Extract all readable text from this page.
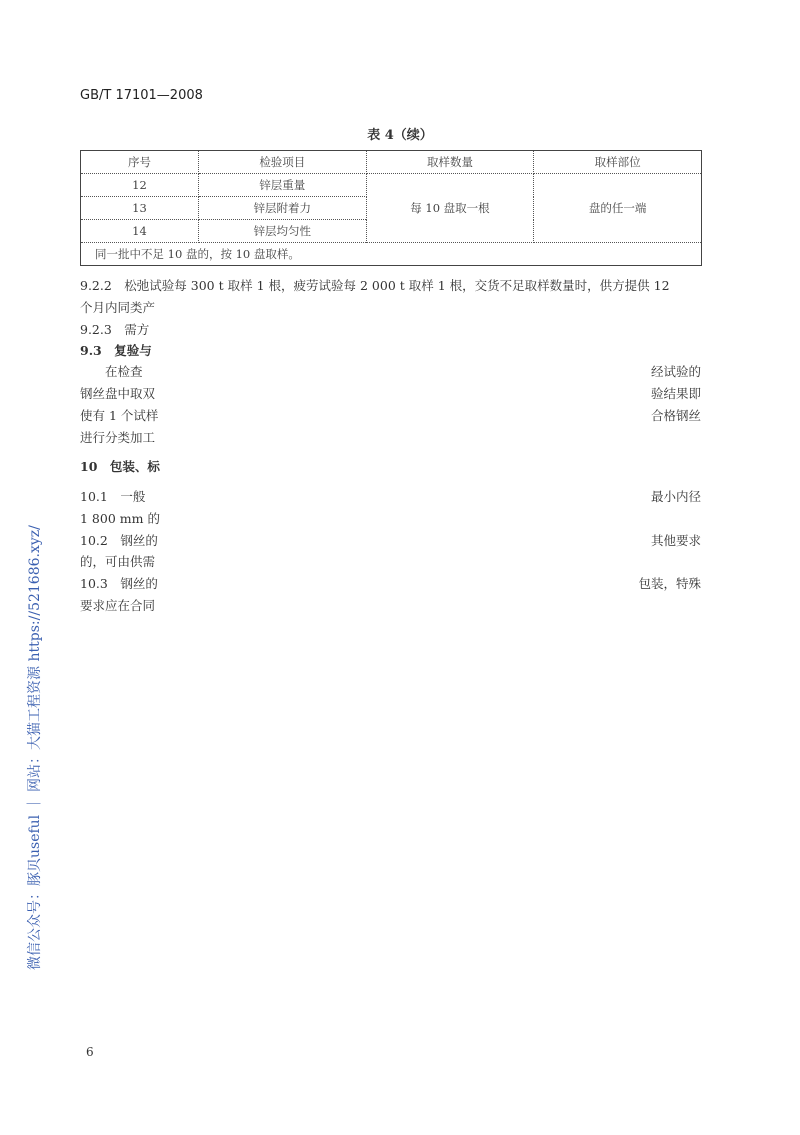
GB/T 17101—2008
表 4（续）
序号	检验项目	取样数量	取样部位
12	锌层重量	每 10 盘取一根	盘的任一端
13	锌层附着力		
14	锌层均匀性		
同一批中不足 10 盘的，按 10 盘取样。			
9.2.2　松弛试验每 300 t 取样 1 根，疲劳试验每 2 000 t 取样 1 根，交货不足取样数量时，供方提供 12
个月内同类产
9.2.3　需方
9.3　复验与
　　在检查	经试验的
钢丝盘中取双	验结果即
使有 1 个试样	合格钢丝
进行分类加工
10　包装、标
10.1　一般	最小内径
1 800 mm 的
10.2　钢丝的	其他要求
的，可由供需
10.3　钢丝的	包装，特殊
要求应在合同
微信公众号：豚贝useful ｜ 网站：大猫工程资源 https://521686.xyz/
6
